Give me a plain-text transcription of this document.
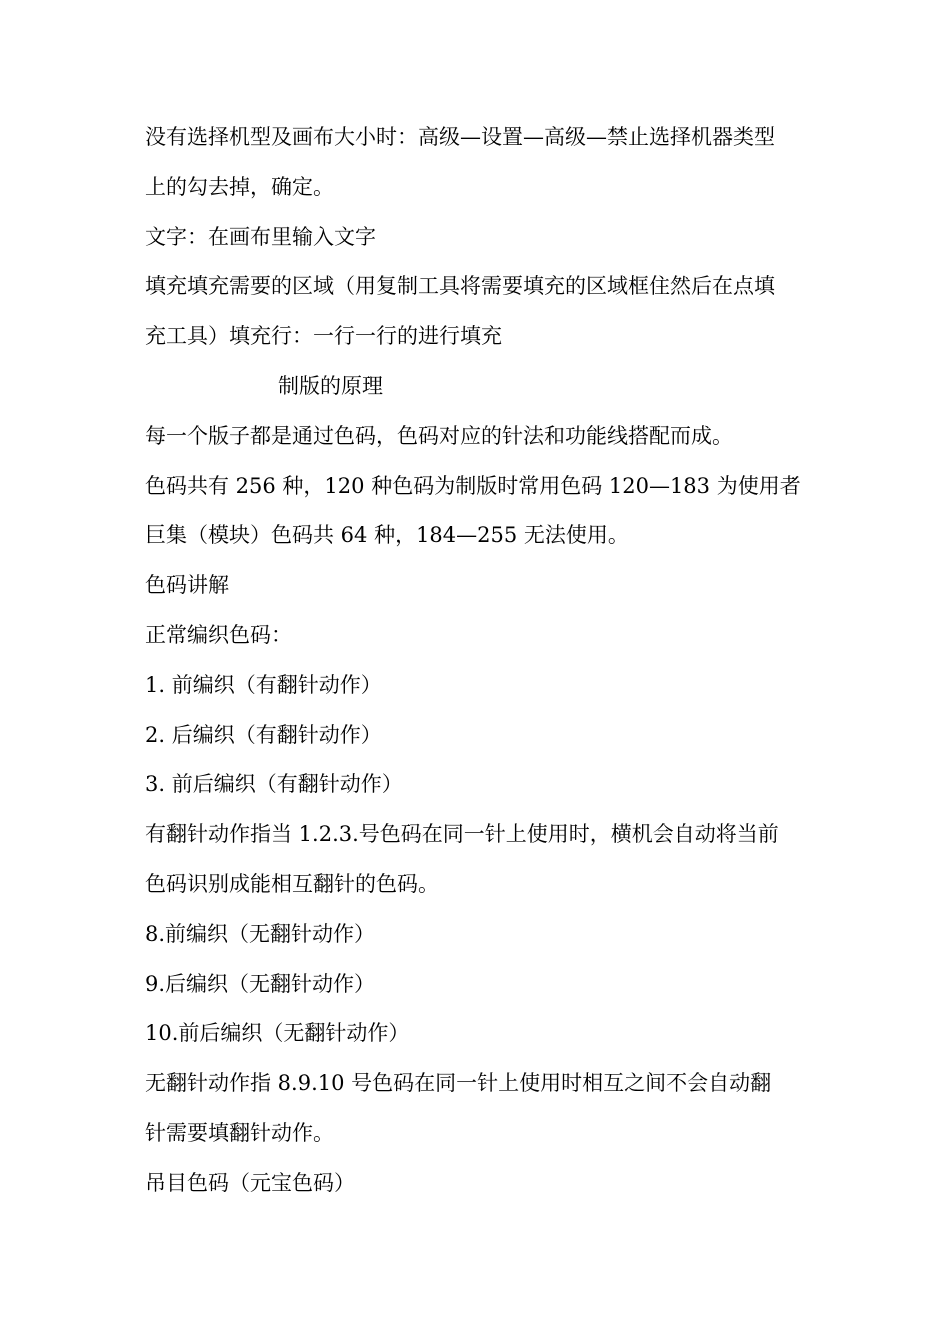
没有选择机型及画布大小时：高级—设置—高级—禁止选择机器类型
上的勾去掉，确定。
文字：在画布里输入文字
填充填充需要的区域（用复制工具将需要填充的区域框住然后在点填
充工具）填充行：一行一行的进行填充
制版的原理
每一个版子都是通过色码，色码对应的针法和功能线搭配而成。
色码共有 256 种，120 种色码为制版时常用色码 120—183 为使用者
巨集（模块）色码共 64 种，184—255 无法使用。
色码讲解
正常编织色码：
1. 前编织（有翻针动作）
2. 后编织（有翻针动作）
3. 前后编织（有翻针动作）
有翻针动作指当 1.2.3.号色码在同一针上使用时，横机会自动将当前
色码识别成能相互翻针的色码。
8.前编织（无翻针动作）
9.后编织（无翻针动作）
10.前后编织（无翻针动作）
无翻针动作指 8.9.10 号色码在同一针上使用时相互之间不会自动翻
针需要填翻针动作。
吊目色码（元宝色码）
